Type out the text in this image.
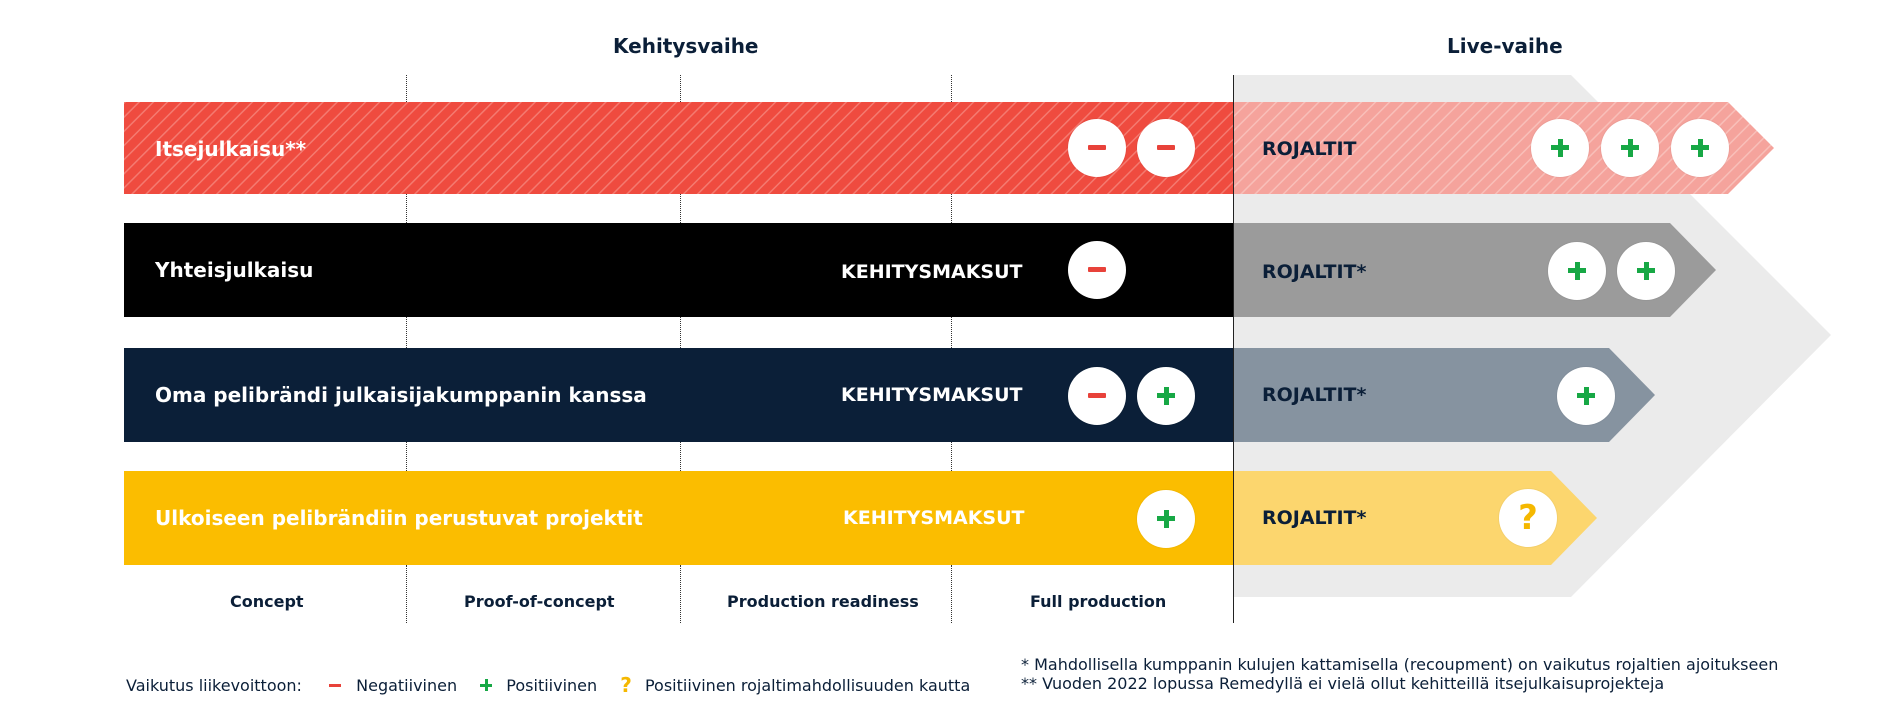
Kehitysvaihe	Live-vaihe
Itsejulkaisu**	ROJALTIT
Yhteisjulkaisu	KEHITYSMAKSUT	ROJALTIT*
Oma pelibrändi julkaisijakumppanin kanssa	KEHITYSMAKSUT	ROJALTIT*
Ulkoiseen pelibrändiin perustuvat projektit	KEHITYSMAKSUT	ROJALTIT*	?
Concept	Proof-of-concept	Production readiness	Full production
Vaikutus liikevoittoon:	Negatiivinen	Positiivinen ? Positiivinen rojaltimahdollisuuden kautta
* Mahdollisella kumppanin kulujen kattamisella (recoupment) on vaikutus rojaltien ajoitukseen
** Vuoden 2022 lopussa Remedyllä ei vielä ollut kehitteillä itsejulkaisuprojekteja
